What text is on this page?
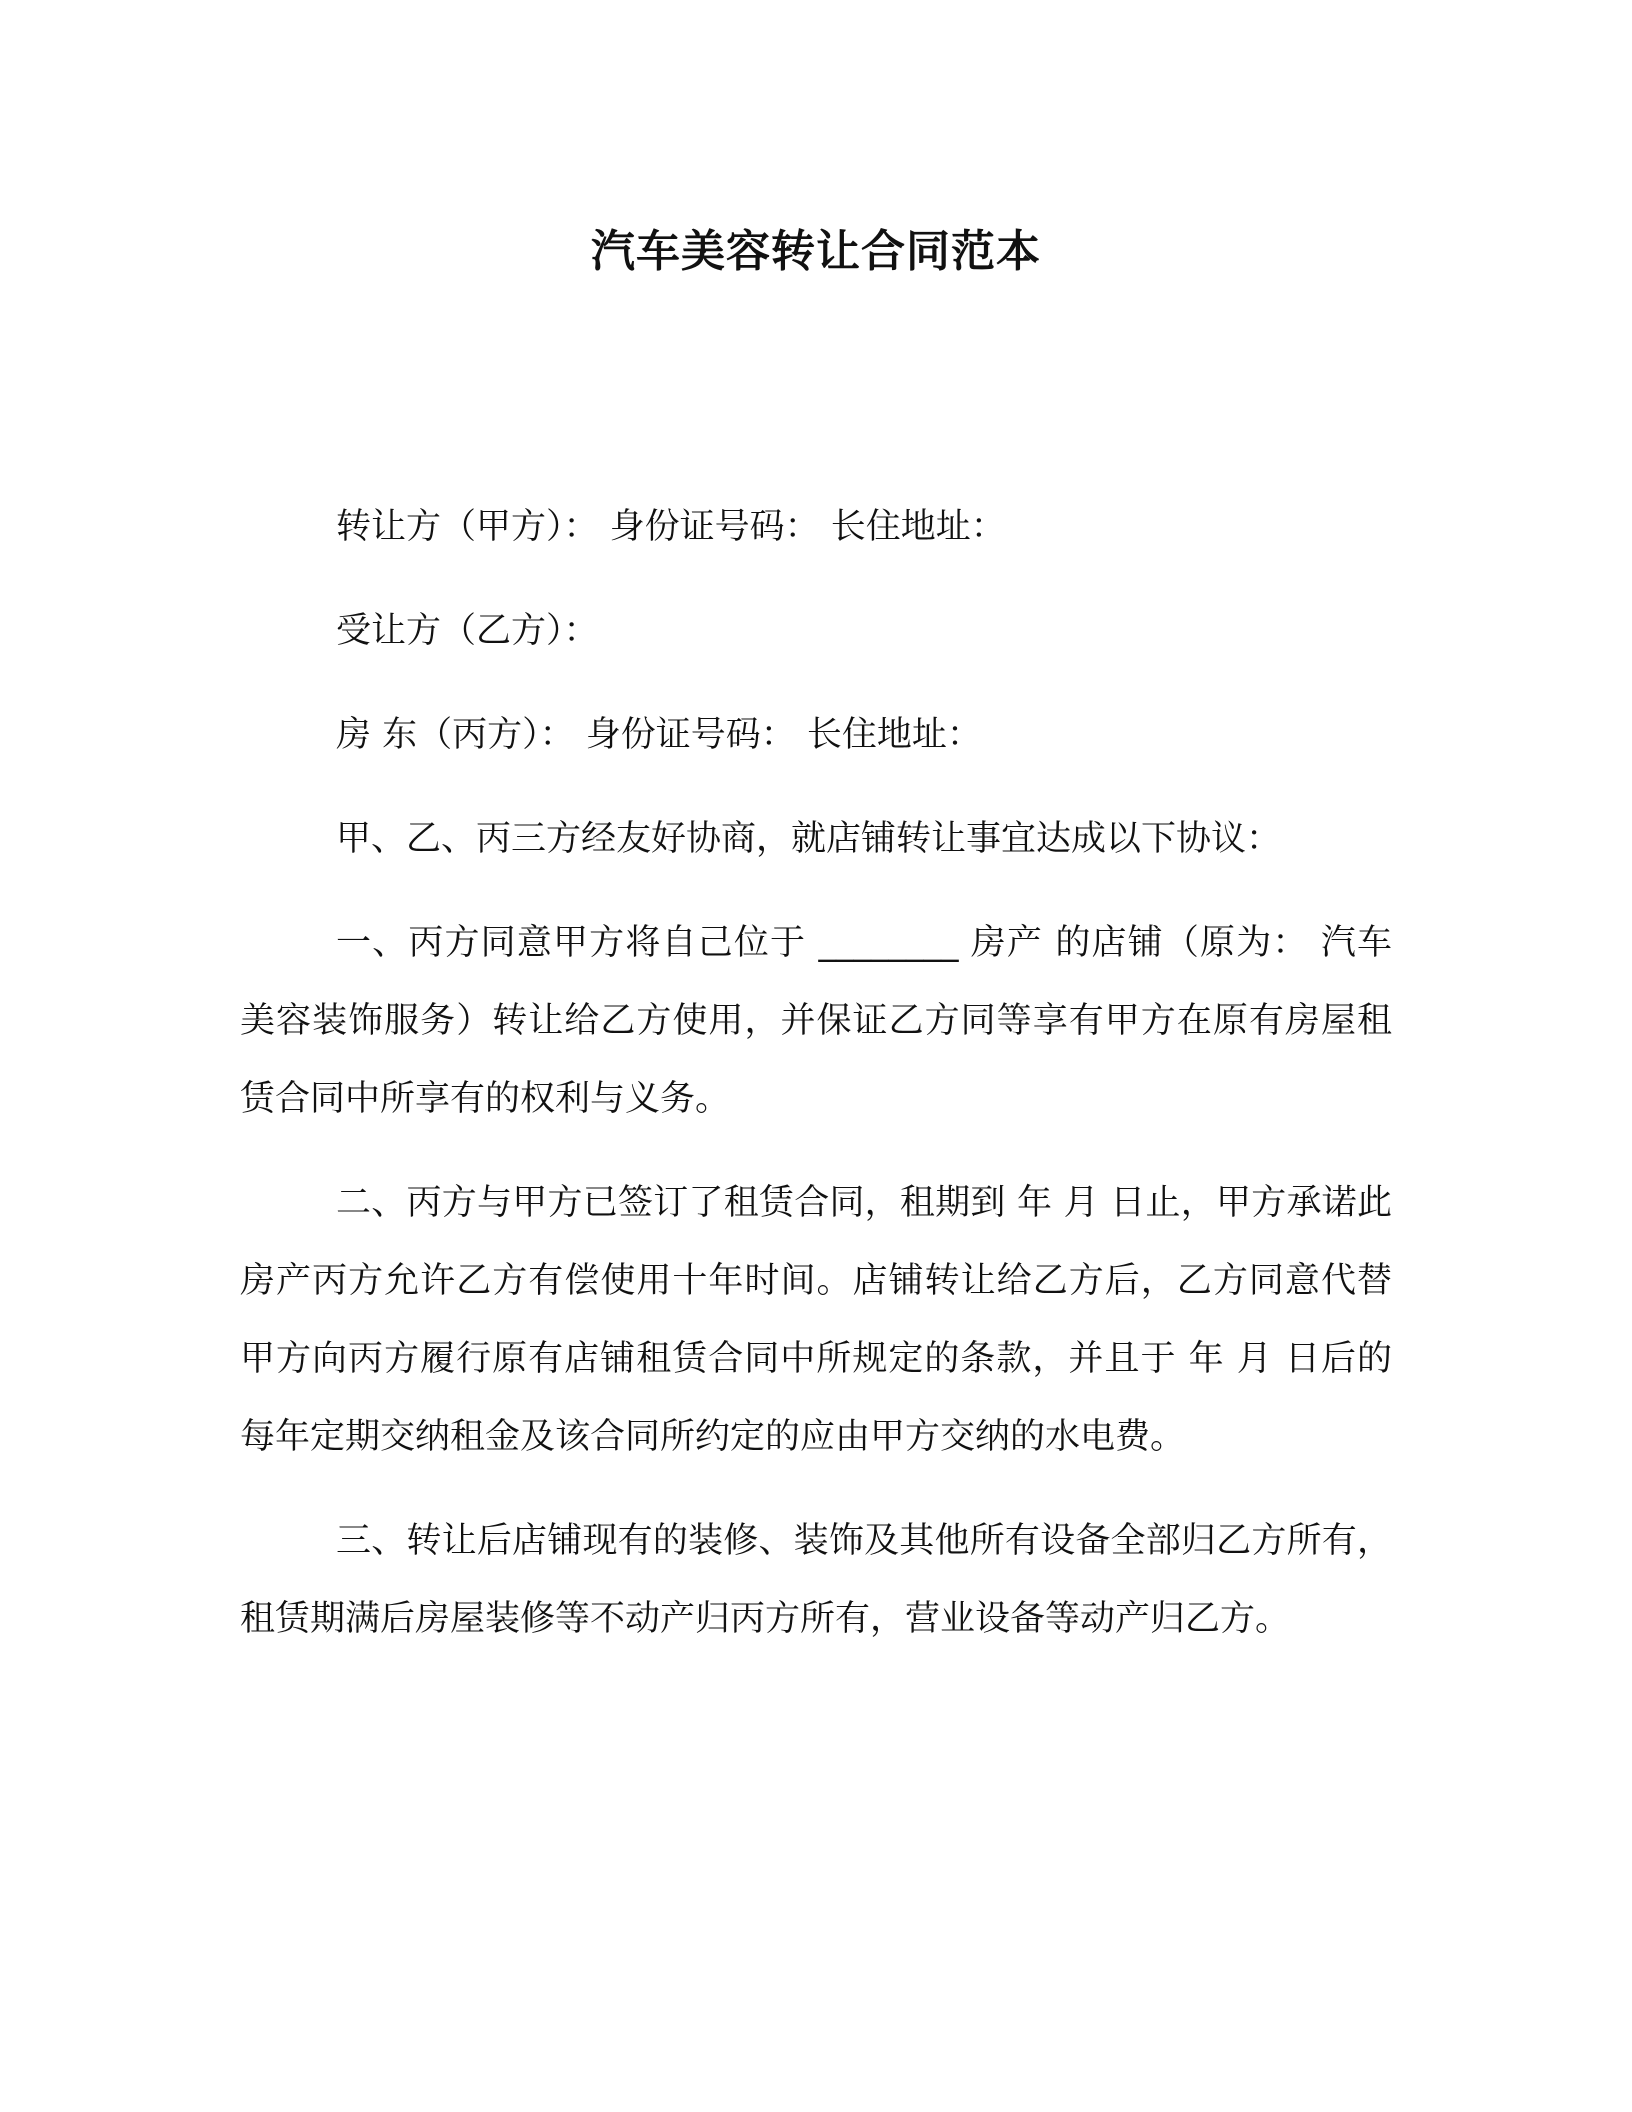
汽车美容转让合同范本

转让方（甲方）： 身份证号码： 长住地址：

受让方（乙方）：

房 东（丙方）： 身份证号码： 长住地址：

甲、乙、丙三方经友好协商，就店铺转让事宜达成以下协议：

一、丙方同意甲方将自己位于 ________ 房产 的店铺（原为： 汽车美容装饰服务）转让给乙方使用，并保证乙方同等享有甲方在原有房屋租赁合同中所享有的权利与义务。

二、丙方与甲方已签订了租赁合同，租期到 年 月 日止，甲方承诺此房产丙方允许乙方有偿使用十年时间。店铺转让给乙方后，乙方同意代替甲方向丙方履行原有店铺租赁合同中所规定的条款，并且于 年 月 日后的每年定期交纳租金及该合同所约定的应由甲方交纳的水电费。

三、转让后店铺现有的装修、装饰及其他所有设备全部归乙方所有，租赁期满后房屋装修等不动产归丙方所有，营业设备等动产归乙方。
